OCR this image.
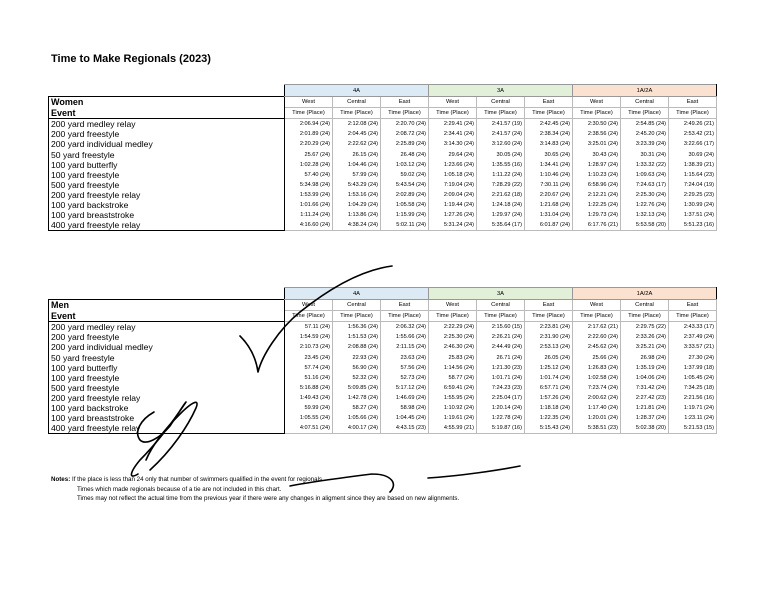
Time to Make Regionals (2023)
	4A			3A			1A/2A		
Women	West	Central	East	West	Central	East	West	Central	East
Event	Time (Place)	Time (Place)	Time (Place)	Time (Place)	Time (Place)	Time (Place)	Time (Place)	Time (Place)	Time (Place)
200 yard medley relay	2:06.94 (24)	2:12.08 (24)	2:20.70 (24)	2:29.41 (24)	2:41.57 (19)	2:42.45 (24)	2:30.50 (24)	2:54.85 (24)	2:49.26 (21)
200 yard freestyle	2:01.89 (24)	2:04.45 (24)	2:08.72 (24)	2:34.41 (24)	2:41.57 (24)	2:38.34 (24)	2:38.56 (24)	2:45.20 (24)	2:53.42 (21)
200 yard individual medley	2:20.29 (24)	2:22.62 (24)	2:25.89 (24)	3:14.30 (24)	3:12.60 (24)	3:14.83 (24)	3:25.01 (24)	3:23.39 (24)	3:22.66 (17)
50 yard freestyle	25.67 (24)	26.15 (24)	26.48 (24)	29.64 (24)	30.05 (24)	30.65 (24)	30.43 (24)	30.31 (24)	30.69 (24)
100 yard butterfly	1:02.28 (24)	1:04.46 (24)	1:03.12 (24)	1:23.66 (24)	1:35.55 (16)	1:34.41 (24)	1:28.97 (24)	1:33.32 (22)	1:38.39 (21)
100 yard freestyle	57.40 (24)	57.99 (24)	59.02 (24)	1:05.18 (24)	1:11.22 (24)	1:10.46 (24)	1:10.23 (24)	1:09.63 (24)	1:15.64 (23)
500 yard freestyle	5:34.98 (24)	5:43.29 (24)	5:43.54 (24)	7:19.04 (24)	7:28.29 (22)	7:30.11 (24)	6:58.96 (24)	7:24.63 (17)	7:24.04 (19)
200 yard freestyle relay	1:53.99 (24)	1:53.16 (24)	2:02.89 (24)	2:09.04 (24)	2:21.62 (18)	2:20.67 (24)	2:12.21 (24)	2:25.30 (24)	2:29.25 (23)
100 yard backstroke	1:01.66 (24)	1:04.29 (24)	1:05.58 (24)	1:19.44 (24)	1:24.18 (24)	1:21.68 (24)	1:22.25 (24)	1:22.76 (24)	1:30.99 (24)
100 yard breaststroke	1:11.24 (24)	1:13.86 (24)	1:15.99 (24)	1:27.26 (24)	1:29.97 (24)	1:31.04 (24)	1:29.73 (24)	1:32.13 (24)	1:37.51 (24)
400 yard freestyle relay	4:16.60 (24)	4:38.24 (24)	5:02.11 (24)	5:31.24 (24)	5:35.64 (17)	6:01.87 (24)	6:17.76 (21)	5:53.58 (20)	5:51.23 (16)
	4A			3A			1A/2A		
Men	West	Central	East	West	Central	East	West	Central	East
Event	Time (Place)	Time (Place)	Time (Place)	Time (Place)	Time (Place)	Time (Place)	Time (Place)	Time (Place)	Time (Place)
200 yard medley relay	57.11 (24)	1:56.36 (24)	2:06.32 (24)	2:22.29 (24)	2:15.60 (15)	2:23.81 (24)	2:17.62 (21)	2:29.75 (22)	2:43.33 (17)
200 yard freestyle	1:54.59 (24)	1:51.53 (24)	1:55.66 (24)	2:25.30 (24)	2:26.21 (24)	2:31.90 (24)	2:22.60 (24)	2:33.26 (24)	2:37.49 (24)
200 yard individual medley	2:10.73 (24)	2:08.88 (24)	2:11.15 (24)	2:46.30 (24)	2:44.49 (24)	2:53.13 (24)	2:45.62 (24)	3:25.21 (24)	3:33.57 (21)
50 yard freestyle	23.45 (24)	22.93 (24)	23.63 (24)	25.83 (24)	26.71 (24)	26.05 (24)	25.66 (24)	26.98 (24)	27.30 (24)
100 yard butterfly	57.74 (24)	56.90 (24)	57.56 (24)	1:14.56 (24)	1:21.30 (23)	1:25.12 (24)	1:26.83 (24)	1:35.19 (24)	1:37.99 (18)
100 yard freestyle	51.16 (24)	52.32 (24)	52.73 (24)	58.77 (24)	1:01.71 (24)	1:01.74 (24)	1:02.58 (24)	1:04.06 (24)	1:05.45 (24)
500 yard freestyle	5:16.88 (24)	5:09.85 (24)	5:17.12 (24)	6:59.41 (24)	7:24.23 (23)	6:57.71 (24)	7:23.74 (24)	7:31.42 (24)	7:34.25 (18)
200 yard freestyle relay	1:49.43 (24)	1:42.78 (24)	1:46.69 (24)	1:55.95 (24)	2:25.04 (17)	1:57.26 (24)	2:00.62 (24)	2:27.42 (23)	2:21.56 (16)
100 yard backstroke	59.99 (24)	58.27 (24)	58.98 (24)	1:10.92 (24)	1:20.14 (24)	1:18.18 (24)	1:17.40 (24)	1:21.81 (24)	1:19.71 (24)
100 yard breaststroke	1:05.55 (24)	1:05.66 (24)	1:04.45 (24)	1:19.61 (24)	1:22.78 (24)	1:22.35 (24)	1:20.01 (24)	1:28.37 (24)	1:23.11 (24)
400 yard freestyle relay	4:07.51 (24)	4:00.17 (24)	4:43.15 (23)	4:55.99 (21)	5:19.87 (16)	5:15.43 (24)	5:38.51 (23)	5:02.38 (20)	5:21.53 (15)
Notes: If the place is less than 24 only that number of swimmers qualified in the event for regionals.
Times which made regionals because of a tie are not included in this chart.
Times may not reflect the actual time from the previous year if there were any changes in aligment since they are based on new alignments.
